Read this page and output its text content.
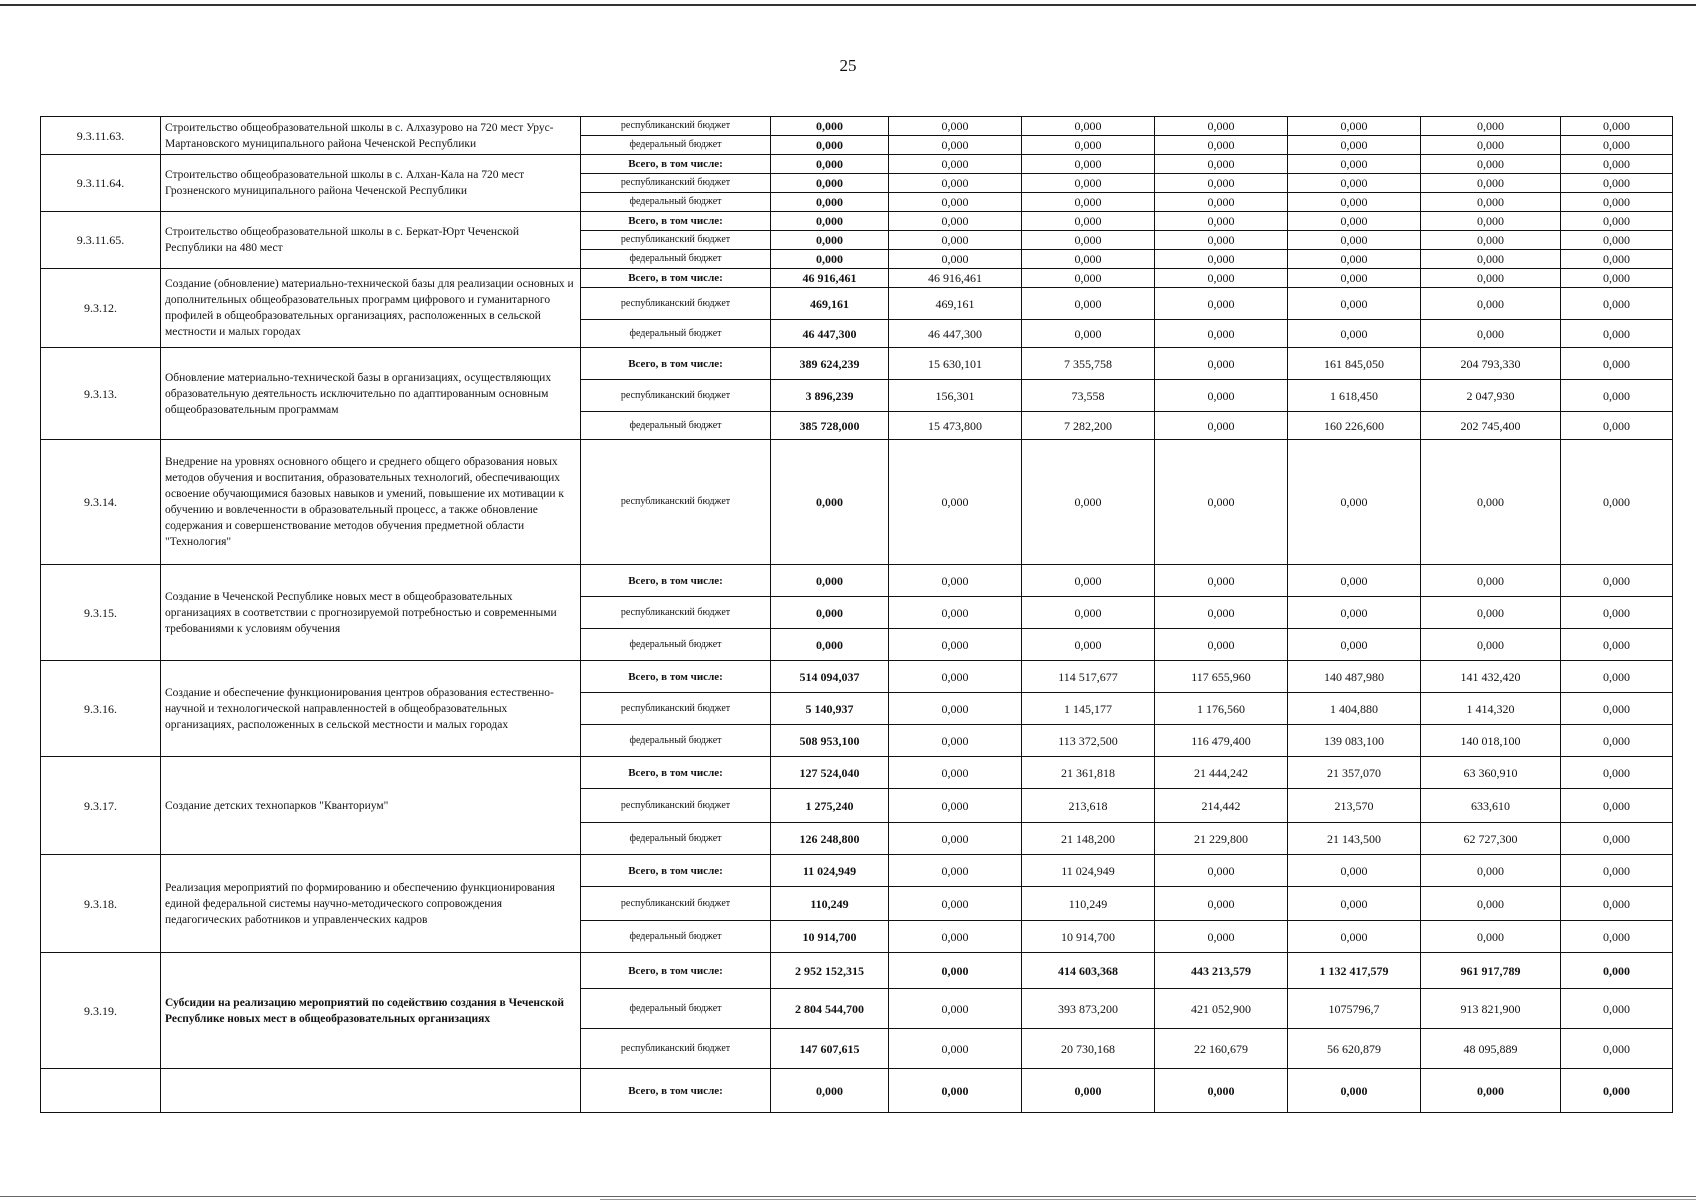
25
9.3.11.63.	Строительство общеобразовательной школы в с. Алхазурово на 720 мест Урус-Мартановского муниципального района Чеченской Республики	республиканский бюджет	0,000	0,000	0,000	0,000	0,000	0,000	0,000
		федеральный бюджет	0,000	0,000	0,000	0,000	0,000	0,000	0,000
9.3.11.64.	Строительство общеобразовательной школы в с. Алхан-Кала на 720 мест Грозненского муниципального района Чеченской Республики	Всего, в том числе:	0,000	0,000	0,000	0,000	0,000	0,000	0,000
		республиканский бюджет	0,000	0,000	0,000	0,000	0,000	0,000	0,000
		федеральный бюджет	0,000	0,000	0,000	0,000	0,000	0,000	0,000
9.3.11.65.	Строительство общеобразовательной школы в с. Беркат-Юрт Чеченской Республики на 480 мест	Всего, в том числе:	0,000	0,000	0,000	0,000	0,000	0,000	0,000
		республиканский бюджет	0,000	0,000	0,000	0,000	0,000	0,000	0,000
		федеральный бюджет	0,000	0,000	0,000	0,000	0,000	0,000	0,000
9.3.12.	Создание (обновление) материально-технической базы для реализации основных и дополнительных общеобразовательных программ цифрового и гуманитарного профилей в общеобразовательных организациях, расположенных в сельской местности и малых городах	Всего, в том числе:	46 916,461	46 916,461	0,000	0,000	0,000	0,000	0,000
		республиканский бюджет	469,161	469,161	0,000	0,000	0,000	0,000	0,000
		федеральный бюджет	46 447,300	46 447,300	0,000	0,000	0,000	0,000	0,000
9.3.13.	Обновление материально-технической базы в организациях, осуществляющих образовательную деятельность исключительно по адаптированным основным общеобразовательным программам	Всего, в том числе:	389 624,239	15 630,101	7 355,758	0,000	161 845,050	204 793,330	0,000
		республиканский бюджет	3 896,239	156,301	73,558	0,000	1 618,450	2 047,930	0,000
		федеральный бюджет	385 728,000	15 473,800	7 282,200	0,000	160 226,600	202 745,400	0,000
9.3.14.	Внедрение на уровнях основного общего и среднего общего образования новых методов обучения и воспитания, образовательных технологий, обеспечивающих освоение обучающимися базовых навыков и умений, повышение их мотивации к обучению и вовлеченности в образовательный процесс, а также обновление содержания и совершенствование методов обучения предметной области "Технология"	республиканский бюджет	0,000	0,000	0,000	0,000	0,000	0,000	0,000
9.3.15.	Создание в Чеченской Республике новых мест в общеобразовательных организациях в соответствии с прогнозируемой потребностью и современными требованиями к условиям обучения	Всего, в том числе:	0,000	0,000	0,000	0,000	0,000	0,000	0,000
		республиканский бюджет	0,000	0,000	0,000	0,000	0,000	0,000	0,000
		федеральный бюджет	0,000	0,000	0,000	0,000	0,000	0,000	0,000
9.3.16.	Создание и обеспечение функционирования центров образования естественно-научной и технологической направленностей в общеобразовательных организациях, расположенных в сельской местности и малых городах	Всего, в том числе:	514 094,037	0,000	114 517,677	117 655,960	140 487,980	141 432,420	0,000
		республиканский бюджет	5 140,937	0,000	1 145,177	1 176,560	1 404,880	1 414,320	0,000
		федеральный бюджет	508 953,100	0,000	113 372,500	116 479,400	139 083,100	140 018,100	0,000
9.3.17.	Создание детских технопарков "Кванториум"	Всего, в том числе:	127 524,040	0,000	21 361,818	21 444,242	21 357,070	63 360,910	0,000
		республиканский бюджет	1 275,240	0,000	213,618	214,442	213,570	633,610	0,000
		федеральный бюджет	126 248,800	0,000	21 148,200	21 229,800	21 143,500	62 727,300	0,000
9.3.18.	Реализация мероприятий по формированию и обеспечению функционирования единой федеральной системы научно-методического сопровождения педагогических работников и управленческих кадров	Всего, в том числе:	11 024,949	0,000	11 024,949	0,000	0,000	0,000	0,000
		республиканский бюджет	110,249	0,000	110,249	0,000	0,000	0,000	0,000
		федеральный бюджет	10 914,700	0,000	10 914,700	0,000	0,000	0,000	0,000
9.3.19.	Субсидии на реализацию мероприятий по содействию создания в Чеченской Республике новых мест в общеобразовательных организациях	Всего, в том числе:	2 952 152,315	0,000	414 603,368	443 213,579	1 132 417,579	961 917,789	0,000
		федеральный бюджет	2 804 544,700	0,000	393 873,200	421 052,900	1075796,7	913 821,900	0,000
		республиканский бюджет	147 607,615	0,000	20 730,168	22 160,679	56 620,879	48 095,889	0,000
		Всего, в том числе:	0,000	0,000	0,000	0,000	0,000	0,000	0,000
